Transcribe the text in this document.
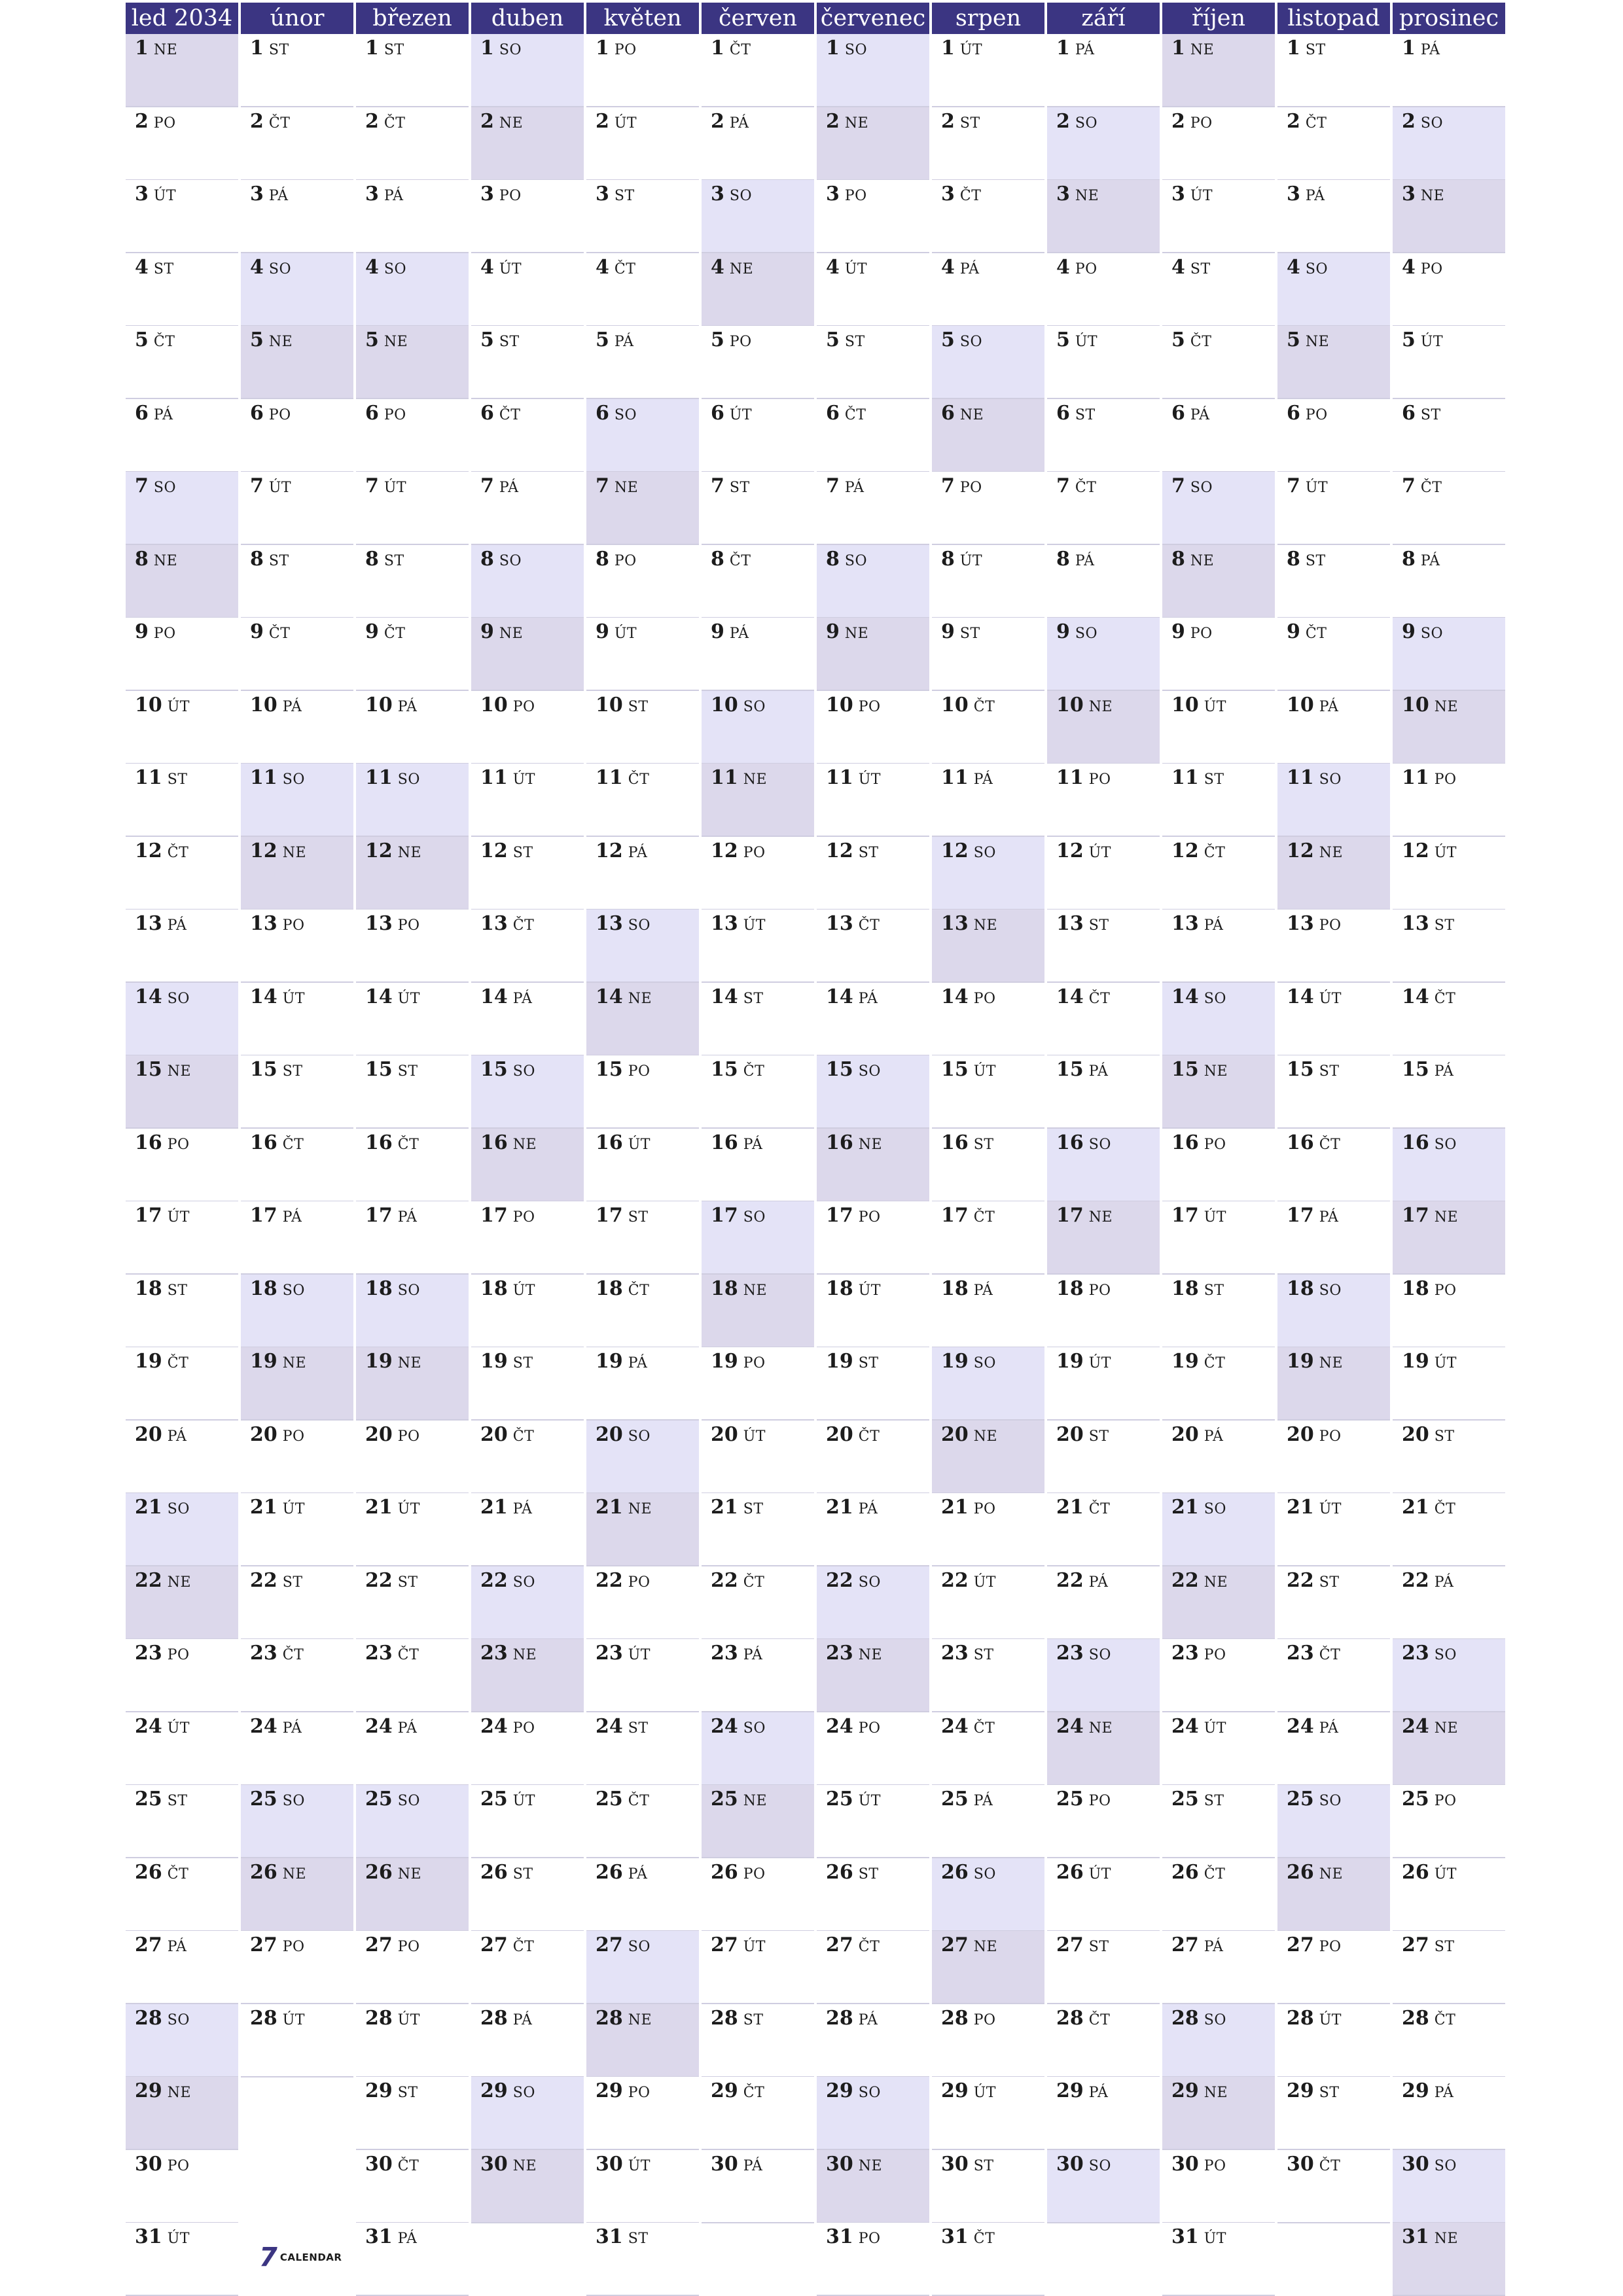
led 2034
1 NE
2 PO
3 ÚT
4 ST
5 ČT
6 PÁ
7 SO
8 NE
9 PO
10 ÚT
11 ST
12 ČT
13 PÁ
14 SO
15 NE
16 PO
17 ÚT
18 ST
19 ČT
20 PÁ
21 SO
22 NE
23 PO
24 ÚT
25 ST
26 ČT
27 PÁ
28 SO
29 NE
30 PO
31 ÚT
únor
1 ST
2 ČT
3 PÁ
4 SO
5 NE
6 PO
7 ÚT
8 ST
9 ČT
10 PÁ
11 SO
12 NE
13 PO
14 ÚT
15 ST
16 ČT
17 PÁ
18 SO
19 NE
20 PO
21 ÚT
22 ST
23 ČT
24 PÁ
25 SO
26 NE
27 PO
28 ÚT
březen
1 ST
2 ČT
3 PÁ
4 SO
5 NE
6 PO
7 ÚT
8 ST
9 ČT
10 PÁ
11 SO
12 NE
13 PO
14 ÚT
15 ST
16 ČT
17 PÁ
18 SO
19 NE
20 PO
21 ÚT
22 ST
23 ČT
24 PÁ
25 SO
26 NE
27 PO
28 ÚT
29 ST
30 ČT
31 PÁ
duben
1 SO
2 NE
3 PO
4 ÚT
5 ST
6 ČT
7 PÁ
8 SO
9 NE
10 PO
11 ÚT
12 ST
13 ČT
14 PÁ
15 SO
16 NE
17 PO
18 ÚT
19 ST
20 ČT
21 PÁ
22 SO
23 NE
24 PO
25 ÚT
26 ST
27 ČT
28 PÁ
29 SO
30 NE
květen
1 PO
2 ÚT
3 ST
4 ČT
5 PÁ
6 SO
7 NE
8 PO
9 ÚT
10 ST
11 ČT
12 PÁ
13 SO
14 NE
15 PO
16 ÚT
17 ST
18 ČT
19 PÁ
20 SO
21 NE
22 PO
23 ÚT
24 ST
25 ČT
26 PÁ
27 SO
28 NE
29 PO
30 ÚT
31 ST
červen
1 ČT
2 PÁ
3 SO
4 NE
5 PO
6 ÚT
7 ST
8 ČT
9 PÁ
10 SO
11 NE
12 PO
13 ÚT
14 ST
15 ČT
16 PÁ
17 SO
18 NE
19 PO
20 ÚT
21 ST
22 ČT
23 PÁ
24 SO
25 NE
26 PO
27 ÚT
28 ST
29 ČT
30 PÁ
červenec
1 SO
2 NE
3 PO
4 ÚT
5 ST
6 ČT
7 PÁ
8 SO
9 NE
10 PO
11 ÚT
12 ST
13 ČT
14 PÁ
15 SO
16 NE
17 PO
18 ÚT
19 ST
20 ČT
21 PÁ
22 SO
23 NE
24 PO
25 ÚT
26 ST
27 ČT
28 PÁ
29 SO
30 NE
31 PO
srpen
1 ÚT
2 ST
3 ČT
4 PÁ
5 SO
6 NE
7 PO
8 ÚT
9 ST
10 ČT
11 PÁ
12 SO
13 NE
14 PO
15 ÚT
16 ST
17 ČT
18 PÁ
19 SO
20 NE
21 PO
22 ÚT
23 ST
24 ČT
25 PÁ
26 SO
27 NE
28 PO
29 ÚT
30 ST
31 ČT
září
1 PÁ
2 SO
3 NE
4 PO
5 ÚT
6 ST
7 ČT
8 PÁ
9 SO
10 NE
11 PO
12 ÚT
13 ST
14 ČT
15 PÁ
16 SO
17 NE
18 PO
19 ÚT
20 ST
21 ČT
22 PÁ
23 SO
24 NE
25 PO
26 ÚT
27 ST
28 ČT
29 PÁ
30 SO
říjen
1 NE
2 PO
3 ÚT
4 ST
5 ČT
6 PÁ
7 SO
8 NE
9 PO
10 ÚT
11 ST
12 ČT
13 PÁ
14 SO
15 NE
16 PO
17 ÚT
18 ST
19 ČT
20 PÁ
21 SO
22 NE
23 PO
24 ÚT
25 ST
26 ČT
27 PÁ
28 SO
29 NE
30 PO
31 ÚT
listopad
1 ST
2 ČT
3 PÁ
4 SO
5 NE
6 PO
7 ÚT
8 ST
9 ČT
10 PÁ
11 SO
12 NE
13 PO
14 ÚT
15 ST
16 ČT
17 PÁ
18 SO
19 NE
20 PO
21 ÚT
22 ST
23 ČT
24 PÁ
25 SO
26 NE
27 PO
28 ÚT
29 ST
30 ČT
prosinec
1 PÁ
2 SO
3 NE
4 PO
5 ÚT
6 ST
7 ČT
8 PÁ
9 SO
10 NE
11 PO
12 ÚT
13 ST
14 ČT
15 PÁ
16 SO
17 NE
18 PO
19 ÚT
20 ST
21 ČT
22 PÁ
23 SO
24 NE
25 PO
26 ÚT
27 ST
28 ČT
29 PÁ
30 SO
31 NE
7 CALENDAR
